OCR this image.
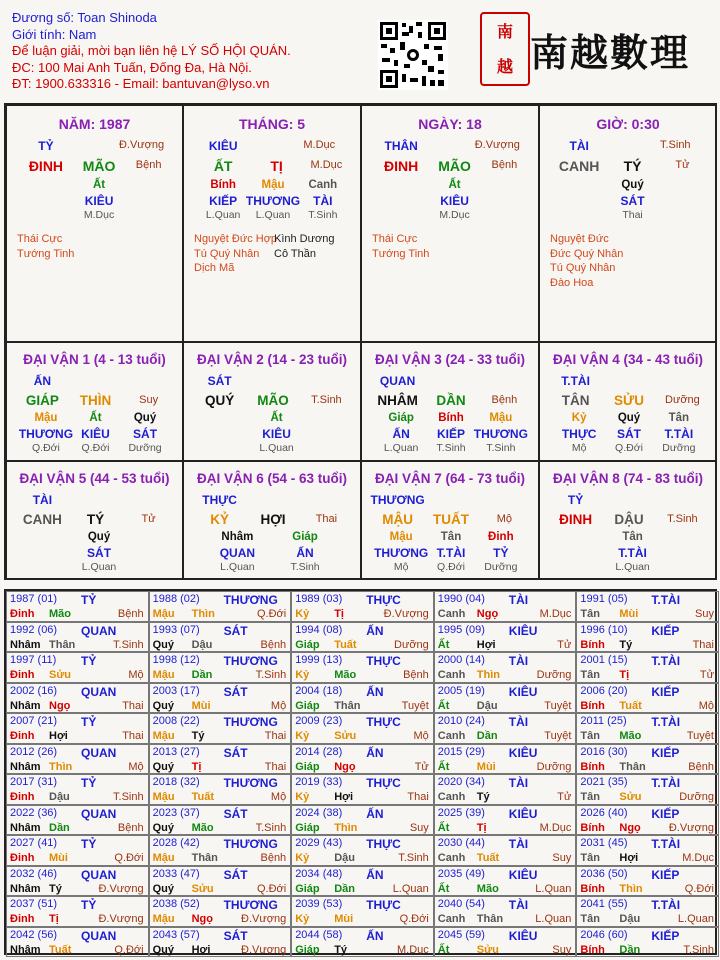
Đương số: Toan Shinoda
Giới tính: Nam
Để luận giải, mời bạn liên hệ LÝ SỐ HỘI QUÁN.
ĐC: 100 Mai Anh Tuấn, Đống Đa, Hà Nội.
ĐT: 1900.633316 - Email: bantuvan@lyso.vn
南
越 南越數理
NĂM: 1987
TỶ	Đ.Vượng
ĐINH MÃO Bệnh
Ất
KIÊU
M.Dục
Thái Cực
Tướng Tinh
THÁNG: 5
KIÊU	M.Dục
ẤT	TỊ	M.Dục
Bính
KIẾP
L.Quan
Mậu
THƯƠNG
L.Quan
Canh
TÀI
T.Sinh
Nguyệt Đức Hợp
Tú Quý Nhân
Dịch Mã
Kình Dương
Cô Thần
NGÀY: 18
THÂN	Đ.Vượng
ĐINH MÃO Bệnh
Ất
KIÊU
M.Dục
Thái Cực
Tướng Tinh
GIỜ: 0:30
TÀI	T.Sinh
CANH TÝ	Tử
Quý
SÁT
Thai
Nguyệt Đức
Đức Quý Nhân
Tú Quý Nhân
Đào Hoa
ĐẠI VẬN 1 (4 - 13 tuổi)
ẤN
GIÁP THÌN	Suy
Mậu
THƯƠNG
Q.Đới
Ất
KIÊU
Q.Đới
Quý
SÁT
Dưỡng
ĐẠI VẬN 2 (14 - 23 tuổi)
SÁT
QUÝ MÃO T.Sinh
Ất
KIÊU
L.Quan
ĐẠI VẬN 3 (24 - 33 tuổi)
QUAN
NHÂM DẦN Bệnh
Giáp
ẤN
L.Quan
Bính
KIẾP
T.Sinh
Mậu
THƯƠNG
T.Sinh
ĐẠI VẬN 4 (34 - 43 tuổi)
T.TÀI
TÂN SỬU Dưỡng
Kỷ
THỰC
Mộ
Quý
SÁT
Q.Đới
Tân
T.TÀI
Dưỡng
ĐẠI VẬN 5 (44 - 53 tuổi)
TÀI
CANH TÝ	Tử
Quý
SÁT
L.Quan
ĐẠI VẬN 6 (54 - 63 tuổi)
THỰC
KỶ HỢI	Thai
Nhâm
QUAN
L.Quan
Giáp
ẤN
T.Sinh
ĐẠI VẬN 7 (64 - 73 tuổi)
THƯƠNG
MẬU TUẤT	Mộ
Mậu
THƯƠNG
Mộ
Tân
T.TÀI
Q.Đới
Đinh
TỶ
Dưỡng
ĐẠI VẬN 8 (74 - 83 tuổi)
TỶ
ĐINH DẬU T.Sinh
Tân
T.TÀI
L.Quan
1987 (01) TỶ
Đinh Mão	Bệnh
1988 (02) THƯƠNG
Mậu Thìn	Q.Đới
1989 (03) THỰC
Kỷ Tị	Đ.Vượng
1990 (04) TÀI
Canh Ngọ	M.Dục
1991 (05) T.TÀI
Tân Mùi	Suy
1992 (06) QUAN
Nhâm Thân	T.Sinh
1993 (07) SÁT
Quý Dậu	Bệnh
1994 (08) ẤN
Giáp Tuất	Dưỡng
1995 (09) KIÊU
Ất Hợi	Tử
1996 (10) KIẾP
Bính Tý	Thai
1997 (11) TỶ
Đinh Sửu	Mộ
1998 (12) THƯƠNG
Mậu Dần	T.Sinh
1999 (13) THỰC
Kỷ Mão	Bệnh
2000 (14) TÀI
Canh Thìn	Dưỡng
2001 (15) T.TÀI
Tân Tị	Tử
2002 (16) QUAN
Nhâm Ngọ	Thai
2003 (17) SÁT
Quý Mùi	Mộ
2004 (18) ẤN
Giáp Thân	Tuyệt
2005 (19) KIÊU
Ất Dậu	Tuyệt
2006 (20) KIẾP
Bính Tuất	Mộ
2007 (21) TỶ
Đinh Hợi	Thai
2008 (22) THƯƠNG
Mậu Tý	Thai
2009 (23) THỰC
Kỷ Sửu	Mộ
2010 (24) TÀI
Canh Dần	Tuyệt
2011 (25) T.TÀI
Tân Mão	Tuyệt
2012 (26) QUAN
Nhâm Thìn	Mộ
2013 (27) SÁT
Quý Tị	Thai
2014 (28) ẤN
Giáp Ngọ	Tử
2015 (29) KIÊU
Ất Mùi	Dưỡng
2016 (30) KIẾP
Bính Thân	Bệnh
2017 (31) TỶ
Đinh Dậu	T.Sinh
2018 (32) THƯƠNG
Mậu Tuất	Mộ
2019 (33) THỰC
Kỷ Hợi	Thai
2020 (34) TÀI
Canh Tý	Tử
2021 (35) T.TÀI
Tân Sửu	Dưỡng
2022 (36) QUAN
Nhâm Dần	Bệnh
2023 (37) SÁT
Quý Mão	T.Sinh
2024 (38) ẤN
Giáp Thìn	Suy
2025 (39) KIÊU
Ất Tị	M.Dục
2026 (40) KIẾP
Bính Ngọ	Đ.Vượng
2027 (41) TỶ
Đinh Mùi	Q.Đới
2028 (42) THƯƠNG
Mậu Thân	Bệnh
2029 (43) THỰC
Kỷ Dậu	T.Sinh
2030 (44) TÀI
Canh Tuất	Suy
2031 (45) T.TÀI
Tân Hợi	M.Dục
2032 (46) QUAN
Nhâm Tý	Đ.Vượng
2033 (47) SÁT
Quý Sửu	Q.Đới
2034 (48) ẤN
Giáp Dần	L.Quan
2035 (49) KIÊU
Ất Mão	L.Quan
2036 (50) KIẾP
Bính Thìn	Q.Đới
2037 (51) TỶ
Đinh Tị	Đ.Vượng
2038 (52) THƯƠNG
Mậu Ngọ	Đ.Vượng
2039 (53) THỰC
Kỷ Mùi	Q.Đới
2040 (54) TÀI
Canh Thân	L.Quan
2041 (55) T.TÀI
Tân Dậu	L.Quan
2042 (56) QUAN
Nhâm Tuất	Q.Đới
2043 (57) SÁT
Quý Hợi	Đ.Vượng
2044 (58) ẤN
Giáp Tý	M.Dục
2045 (59) KIÊU
Ất Sửu	Suy
2046 (60) KIẾP
Bính Dần	T.Sinh
